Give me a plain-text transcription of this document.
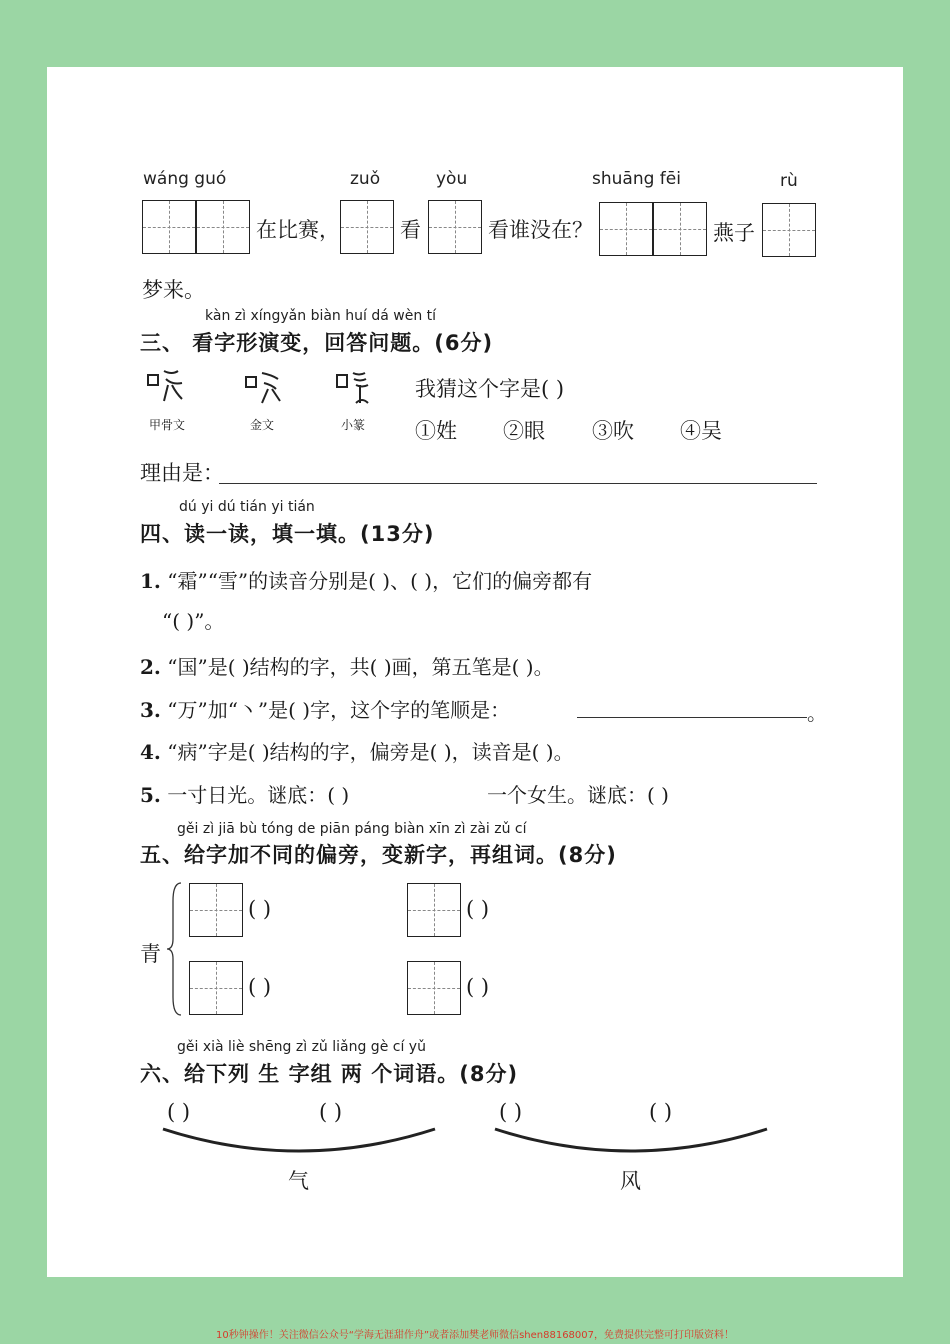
wáng guó	zuǒ	yòu	shuāng fēi	rù
在比赛，	看	看谁没在？	燕子
梦来。
kàn zì xíngyǎn biàn huí dá wèn tí
三、 看字形演变，回答问题。(6分)
甲骨文	金文	小篆
我猜这个字是( )
①姓 ②眼 ③吹 ④吴
理由是：
dú yi dú tián yi tián
四、读一读，填一填。(13分)
1. “霜”“雪”的读音分别是( )、( )，它们的偏旁都有
“( )”。
2. “国”是( )结构的字，共( )画，第五笔是( )。
3. “万”加“丶”是( )字，这个字的笔顺是：	。
4. “病”字是( )结构的字，偏旁是( )，读音是( )。
5. 一寸日光。谜底：( )	一个女生。谜底：( )
gěi zì jiā bù tóng de piān páng biàn xīn zì zài zǔ cí
五、给字加不同的偏旁，变新字，再组词。(8分)
青
( )	( )
( )	( )
gěi xià liè shēng zì zǔ liǎng gè cí yǔ
六、给下列 生 字组 两 个词语。(8分)
( )	( )	( )	( )
气	风
10秒钟操作！关注微信公众号“学海无涯甜作舟”或者添加樊老师微信shen88168007，免费提供完整可打印版资料！
